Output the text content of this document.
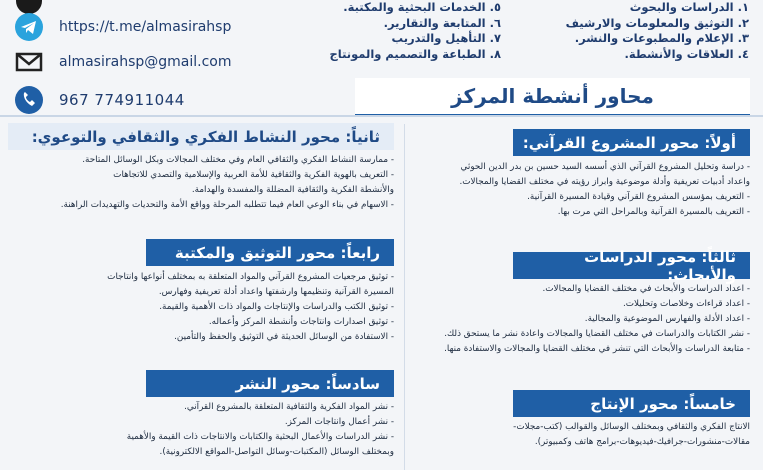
https://t.me/almasirahsp
almasirahsp@gmail.com
967 774911044
١. الدراسات والبحوث
٢. التوثيق والمعلومات والارشيف
٣. الإعلام والمطبوعات والنشر.
٤. العلاقات والأنشطة.
٥. الخدمات البحثية والمكتبة.
٦. المتابعة والتقارير.
٧. التأهيل والتدريب
٨. الطباعة والتصميم والمونتاج
محاور أنشطة المركز
أولاً: محور المشروع القرآني:
- دراسة وتحليل المشروع القرآني الذي أسسه السيد حسين بن بدر الدين الحوثي
واعداد أدبيات تعريفية وأدلة موضوعية وابراز رؤيته في مختلف القضايا والمجالات.
- التعريف بمؤسس المشروع القرآني وقيادة المسيرة القرآنية.
- التعريف بالمسيرة القرآنية وبالمراحل التي مرت بها.
ثالثاً: محور الدراسات والأبحاث:
- اعداد الدراسات والأبحاث في مختلف القضايا والمجالات.
- اعداد قراءات وخلاصات وتحليلات.
- اعداد الأدلة والفهارس الموضوعية والمجالية.
- نشر الكتابات والدراسات في مختلف القضايا والمجالات واعادة نشر ما يستحق ذلك.
- متابعة الدراسات والأبحاث التي تنشر في مختلف القضايا والمجالات والاستفادة منها.
خامساً: محور الإنتاج
الانتاج الفكري والثقافي وبمختلف الوسائل والقوالب (كتب-مجلات-
مقالات-منشورات-جرافيك-فيديوهات-برامج هاتف وكمبيوتر).
ثانياً: محور النشاط الفكري والثقافي والتوعوي:
- ممارسة النشاط الفكري والثقافي العام وفي مختلف المجالات وبكل الوسائل المتاحة.
- التعريف بالهوية الفكرية والثقافية للأمة العربية والإسلامية والتصدي للاتجاهات
والأنشطة الفكرية والثقافية المضللة والمفسدة والهدامة.
- الاسهام في بناء الوعي العام فيما تتطلبه المرحلة وواقع الأمة والتحديات والتهديدات الراهنة.
رابعاً: محور التوثيق والمكتبة
- توثيق مرجعيات المشروع القرآني والمواد المتعلقة به بمختلف أنواعها وانتاجات
المسيرة القرآنية وتنظيمها وارشفتها واعداد أدلة تعريفية وفهارس.
- توثيق الكتب والدراسات والإنتاجات والمواد ذات الأهمية والقيمة.
- توثيق اصدارات وانتاجات وأنشطة المركز وأعماله.
- الاستفادة من الوسائل الحديثة في التوثيق والحفظ والتأمين.
سادساً: محور النشر
- نشر المواد الفكرية والثقافية المتعلقة بالمشروع القرآني.
- نشر أعمال وانتاجات المركز.
- نشر الدراسات والأعمال البحثية والكتابات والانتاجات ذات القيمة والأهمية
وبمختلف الوسائل (المكتبات-وسائل التواصل-المواقع الالكترونية).
